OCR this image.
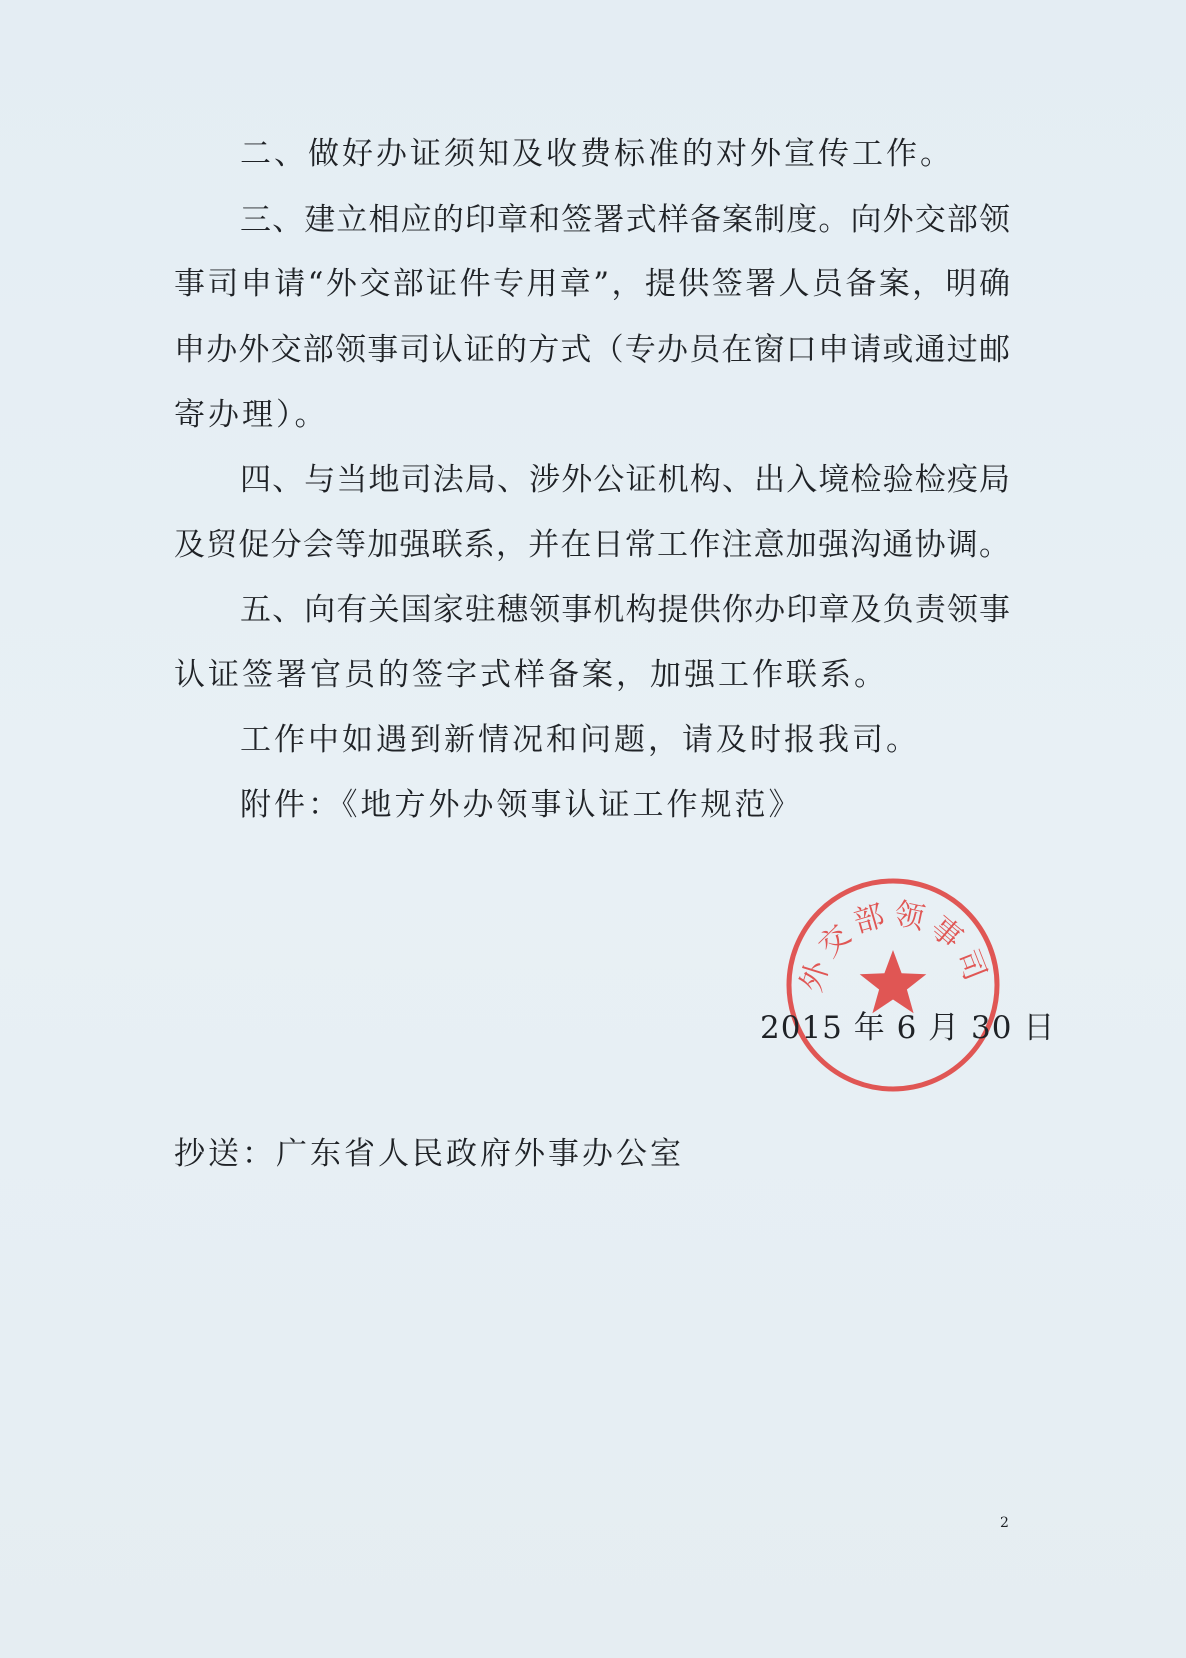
二、做好办证须知及收费标准的对外宣传工作。
三、建立相应的印章和签署式样备案制度。向外交部领
事司申请“外交部证件专用章”，提供签署人员备案，明确
申办外交部领事司认证的方式（专办员在窗口申请或通过邮
寄办理）。
四、与当地司法局、涉外公证机构、出入境检验检疫局
及贸促分会等加强联系，并在日常工作注意加强沟通协调。
五、向有关国家驻穗领事机构提供你办印章及负责领事
认证签署官员的签字式样备案，加强工作联系。
工作中如遇到新情况和问题，请及时报我司。
附件：《地方外办领事认证工作规范》
外交部领事司
2015 年 6 月 30 日
抄送：广东省人民政府外事办公室
2
